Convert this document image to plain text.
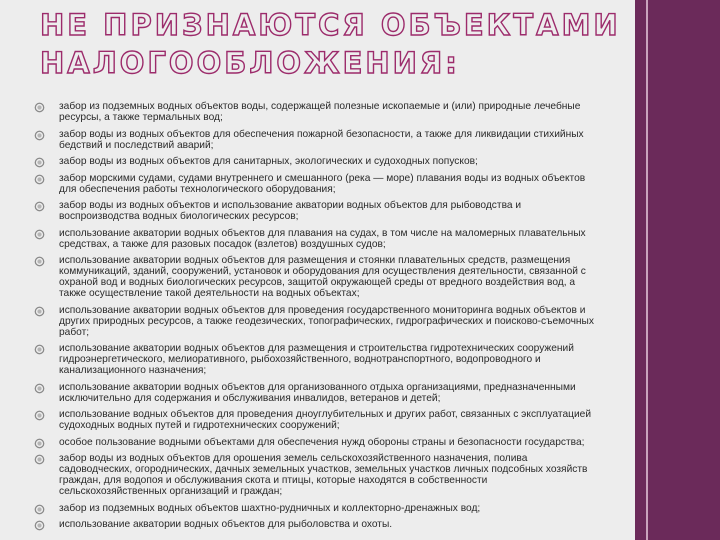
НЕ ПРИЗНАЮТСЯ ОБЪЕКТАМИ НАЛОГООБЛОЖЕНИЯ:
забор из подземных водных объектов воды, содержащей полезные ископаемые и (или) природные лечебные ресурсы, а также термальных вод;
забор воды из водных объектов для обеспечения пожарной безопасности, а также для ликвидации стихийных бедствий и последствий аварий;
забор воды из водных объектов для санитарных, экологических и судоходных попусков;
забор морскими судами, судами внутреннего и смешанного (река — море) плавания воды из водных объектов для обеспечения работы технологического оборудования;
забор воды из водных объектов и использование акватории водных объектов для рыбоводства и воспроизводства водных биологических ресурсов;
использование акватории водных объектов для плавания на судах, в том числе на маломерных плавательных средствах, а также для разовых посадок (взлетов) воздушных судов;
использование акватории водных объектов для размещения и стоянки плавательных средств, размещения коммуникаций, зданий, сооружений, установок и оборудования для осуществления деятельности, связанной с охраной вод и водных биологических ресурсов, защитой окружающей среды от вредного воздействия вод, а также осуществление такой деятельности на водных объектах;
использование акватории водных объектов для проведения государственного мониторинга водных объектов и других природных ресурсов, а также геодезических, топографических, гидрографических и поисково-съемочных работ;
использование акватории водных объектов для размещения и строительства гидротехнических сооружений гидроэнергетического, мелиоративного, рыбохозяйственного, воднотранспортного, водопроводного и канализационного назначения;
использование акватории водных объектов для организованного отдыха организациями, предназначенными исключительно для содержания и обслуживания инвалидов, ветеранов и детей;
использование водных объектов для проведения дноуглубительных и других работ, связанных с эксплуатацией судоходных водных путей и гидротехнических сооружений;
особое пользование водными объектами для обеспечения нужд обороны страны и безопасности государства;
забор воды из водных объектов для орошения земель сельскохозяйственного назначения, полива садоводческих, огороднических, дачных земельных участков, земельных участков личных подсобных хозяйств граждан, для водопоя и обслуживания скота и птицы, которые находятся в собственности сельскохозяйственных организаций и граждан;
забор из подземных водных объектов шахтно-рудничных и коллекторно-дренажных вод;
использование акватории водных объектов для рыболовства и охоты.
